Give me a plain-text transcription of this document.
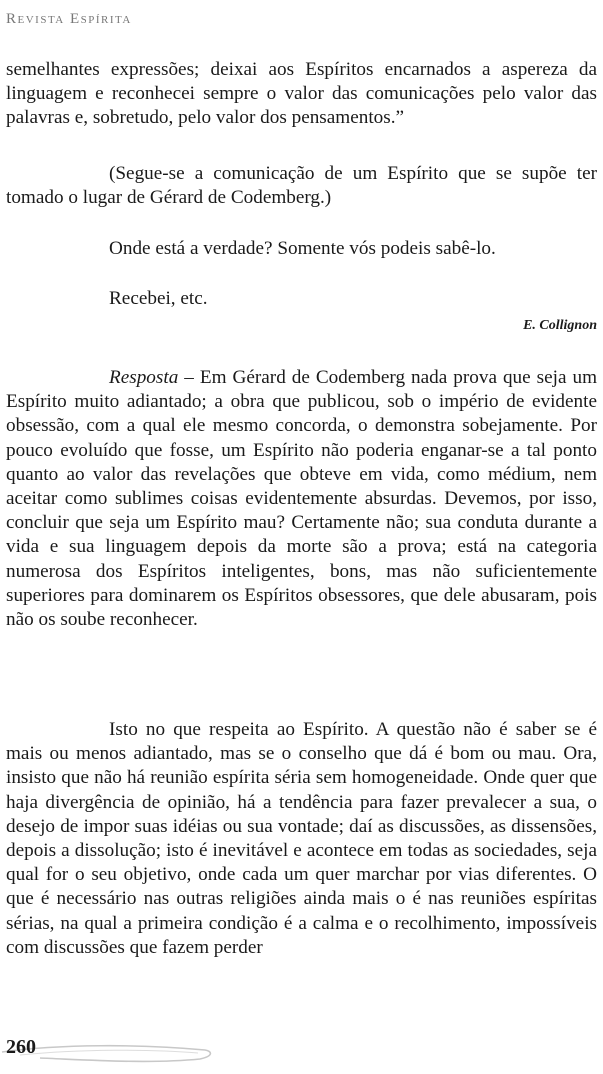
Revista Espírita

semelhantes expressões; deixai aos Espíritos encarnados a aspereza da linguagem e reconhecei sempre o valor das comunicações pelo valor das palavras e, sobretudo, pelo valor dos pensamentos.”

(Segue-se a comunicação de um Espírito que se supõe ter tomado o lugar de Gérard de Codemberg.)

Onde está a verdade? Somente vós podeis sabê-lo.

Recebei, etc.

E. Collignon

Resposta – Em Gérard de Codemberg nada prova que seja um Espírito muito adiantado; a obra que publicou, sob o império de evidente obsessão, com a qual ele mesmo concorda, o demonstra sobejamente. Por pouco evoluído que fosse, um Espírito não poderia enganar-se a tal ponto quanto ao valor das revelações que obteve em vida, como médium, nem aceitar como sublimes coisas evidentemente absurdas. Devemos, por isso, concluir que seja um Espírito mau? Certamente não; sua conduta durante a vida e sua linguagem depois da morte são a prova; está na categoria numerosa dos Espíritos inteligentes, bons, mas não suficientemente superiores para dominarem os Espíritos obsessores, que dele abusaram, pois não os soube reconhecer.

Isto no que respeita ao Espírito. A questão não é saber se é mais ou menos adiantado, mas se o conselho que dá é bom ou mau. Ora, insisto que não há reunião espírita séria sem homogeneidade. Onde quer que haja divergência de opinião, há a tendência para fazer prevalecer a sua, o desejo de impor suas idéias ou sua vontade; daí as discussões, as dissensões, depois a dissolução; isto é inevitável e acontece em todas as sociedades, seja qual for o seu objetivo, onde cada um quer marchar por vias diferentes. O que é necessário nas outras religiões ainda mais o é nas reuniões espíritas sérias, na qual a primeira condição é a calma e o recolhimento, impossíveis com discussões que fazem perder

260
